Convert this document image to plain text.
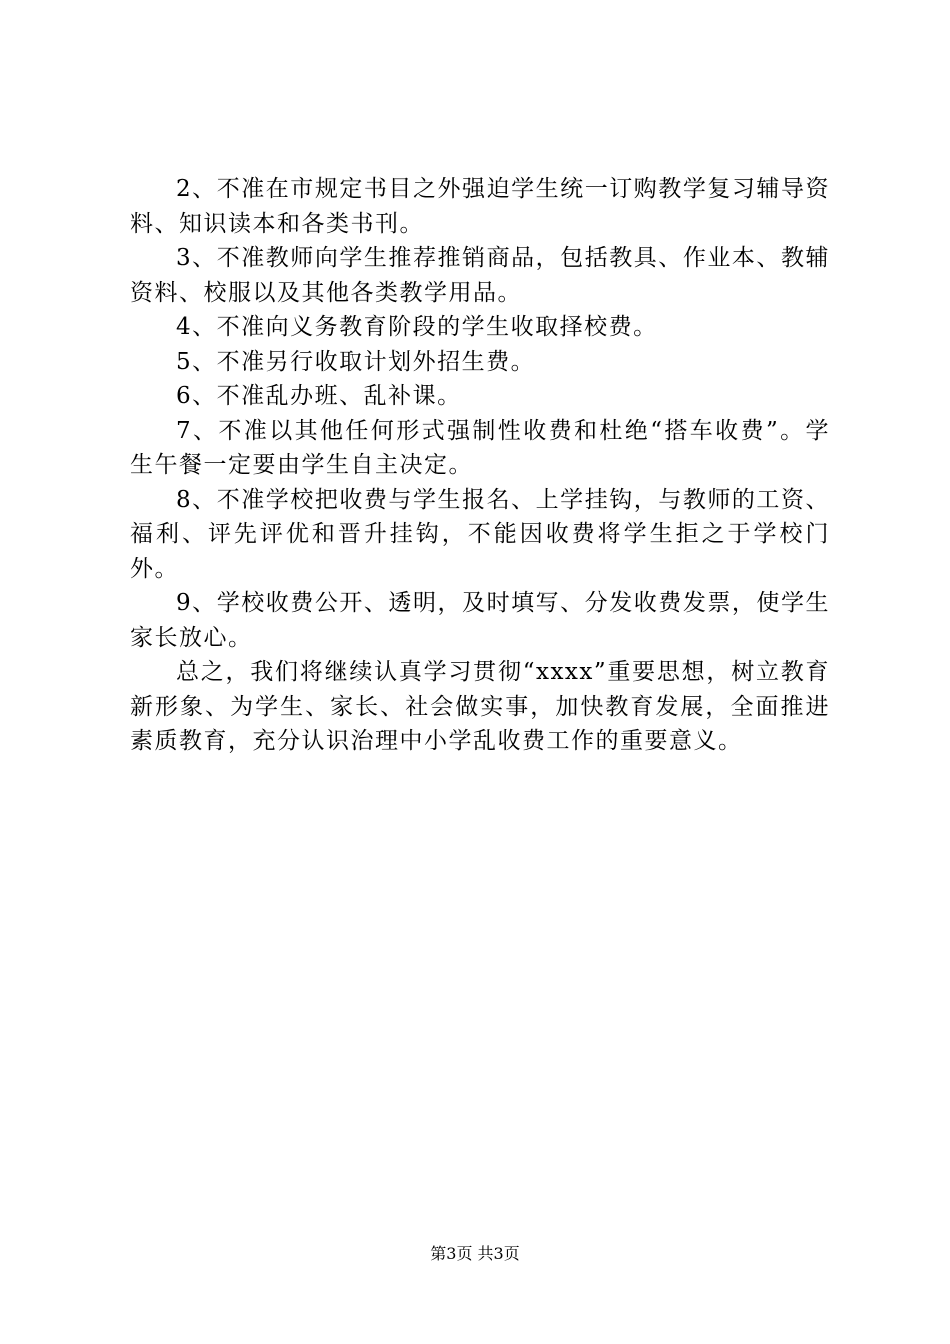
2、不准在市规定书目之外强迫学生统一订购教学复习辅导资料、知识读本和各类书刊。

3、不准教师向学生推荐推销商品，包括教具、作业本、教辅资料、校服以及其他各类教学用品。

4、不准向义务教育阶段的学生收取择校费。

5、不准另行收取计划外招生费。

6、不准乱办班、乱补课。

7、不准以其他任何形式强制性收费和杜绝“搭车收费”。学生午餐一定要由学生自主决定。

8、不准学校把收费与学生报名、上学挂钩，与教师的工资、福利、评先评优和晋升挂钩，不能因收费将学生拒之于学校门外。

9、学校收费公开、透明，及时填写、分发收费发票，使学生家长放心。

总之，我们将继续认真学习贯彻“xxxx”重要思想，树立教育新形象、为学生、家长、社会做实事，加快教育发展，全面推进素质教育，充分认识治理中小学乱收费工作的重要意义。

第3页 共3页
